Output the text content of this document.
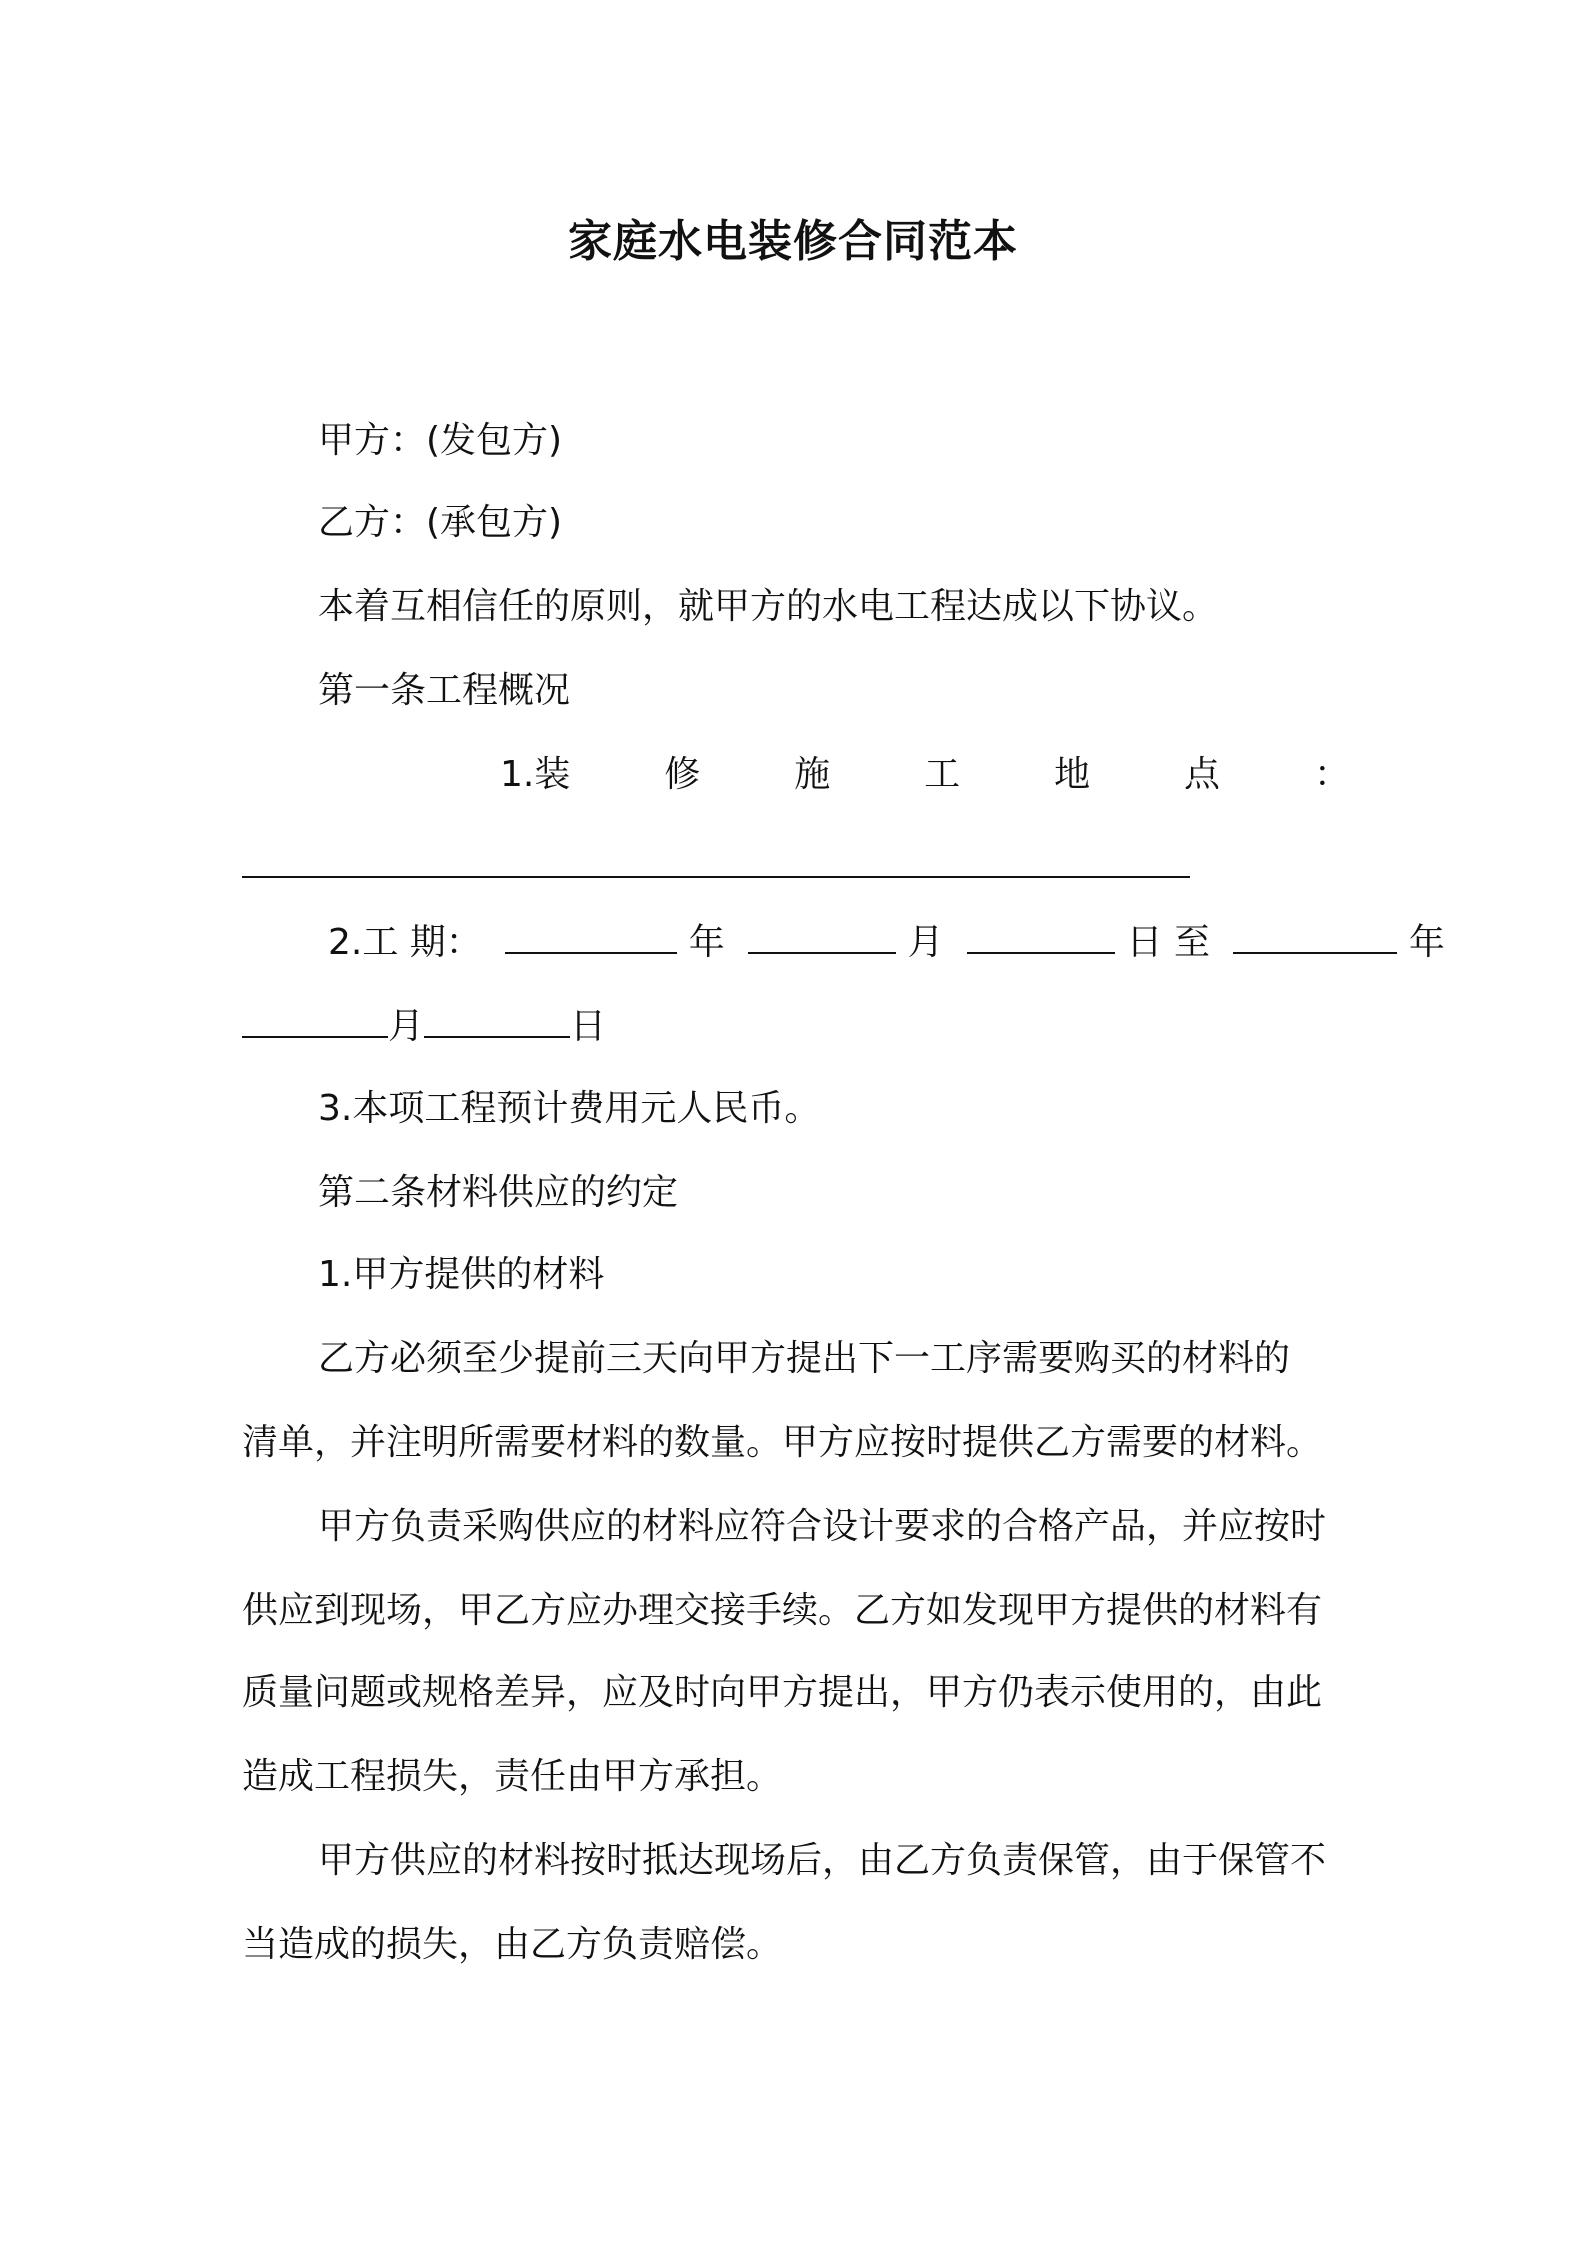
家庭水电装修合同范本
甲方：(发包方)
乙方：(承包方)
本着互相信任的原则，就甲方的水电工程达成以下协议。
第一条工程概况
1.装	修	施	工	地	点	：
2.工 期：	年	月	日 至	年
月	日
3.本项工程预计费用元人民币。
第二条材料供应的约定
1.甲方提供的材料
乙方必须至少提前三天向甲方提出下一工序需要购买的材料的
清单，并注明所需要材料的数量。甲方应按时提供乙方需要的材料。
甲方负责采购供应的材料应符合设计要求的合格产品，并应按时
供应到现场，甲乙方应办理交接手续。乙方如发现甲方提供的材料有
质量问题或规格差异，应及时向甲方提出，甲方仍表示使用的，由此
造成工程损失，责任由甲方承担。
甲方供应的材料按时抵达现场后，由乙方负责保管，由于保管不
当造成的损失，由乙方负责赔偿。
